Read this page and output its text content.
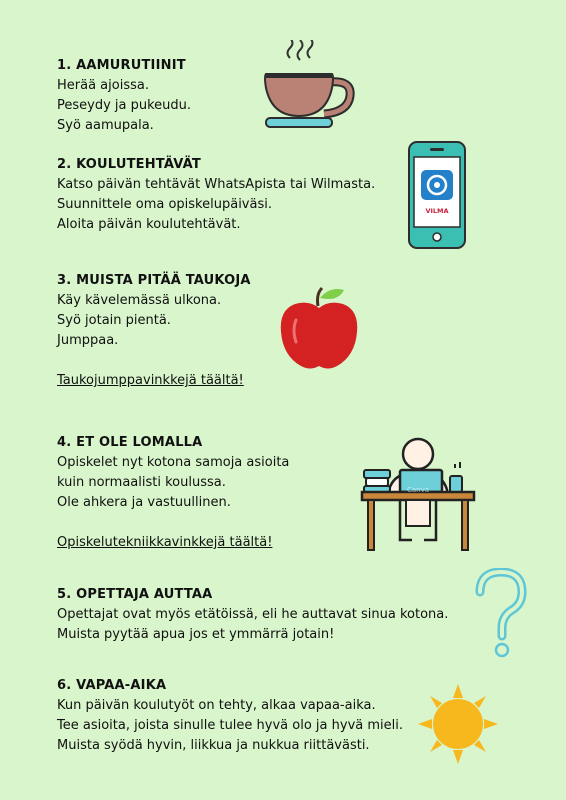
1. AAMURUTIINIT

Herää ajoissa.

Peseydy ja pukeudu.

Syö aamupala.

2. KOULUTEHTÄVÄT

Katso päivän tehtävät WhatsApista tai Wilmasta.

Suunnittele oma opiskelupäiväsi.

Aloita päivän koulutehtävät.

3. MUISTA PITÄÄ TAUKOJA

Käy kävelemässä ulkona.

Syö jotain pientä.

Jumppaa.

Taukojumppavinkkejä täältä!

4. ET OLE LOMALLA

Opiskelet nyt kotona samoja asioita

kuin normaalisti koulussa.

Ole ahkera ja vastuullinen.

Opiskelutekniikkavinkkejä täältä!

5. OPETTAJA AUTTAA

Opettajat ovat myös etätöissä, eli he auttavat sinua kotona.

Muista pyytää apua jos et ymmärrä jotain!

6. VAPAA-AIKA

Kun päivän koulutyöt on tehty, alkaa vapaa-aika.

Tee asioita, joista sinulle tulee hyvä olo ja hyvä mieli.

Muista syödä hyvin, liikkua ja nukkua riittävästi.

VILMA
Canva
